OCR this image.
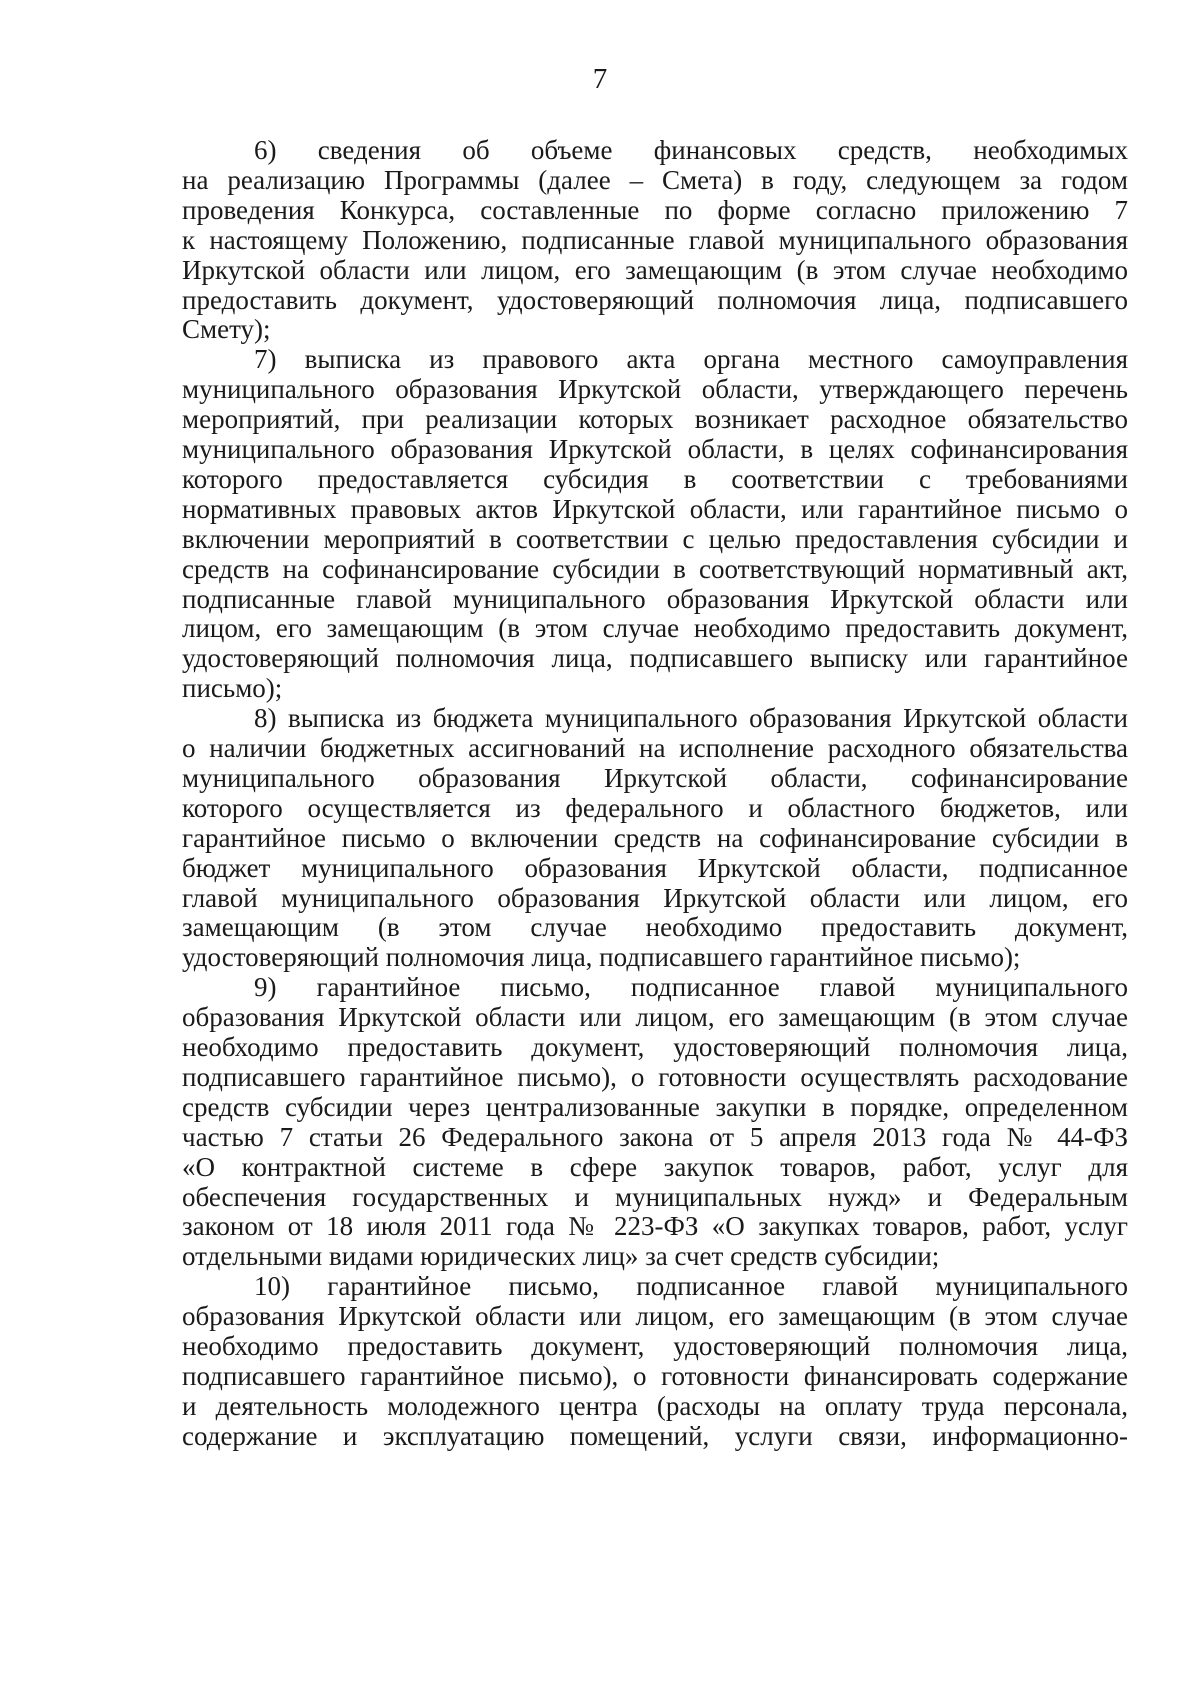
7
6) сведения об объеме финансовых средств, необходимых
на реализацию Программы (далее – Смета) в году, следующем за годом
проведения Конкурса, составленные по форме согласно приложению 7
к настоящему Положению, подписанные главой муниципального образования
Иркутской области или лицом, его замещающим (в этом случае необходимо
предоставить документ, удостоверяющий полномочия лица, подписавшего
Смету);
7) выписка из правового акта органа местного самоуправления
муниципального образования Иркутской области, утверждающего перечень
мероприятий, при реализации которых возникает расходное обязательство
муниципального образования Иркутской области, в целях софинансирования
которого предоставляется субсидия в соответствии с требованиями
нормативных правовых актов Иркутской области, или гарантийное письмо о
включении мероприятий в соответствии с целью предоставления субсидии и
средств на софинансирование субсидии в соответствующий нормативный акт,
подписанные главой муниципального образования Иркутской области или
лицом, его замещающим (в этом случае необходимо предоставить документ,
удостоверяющий полномочия лица, подписавшего выписку или гарантийное
письмо);
8) выписка из бюджета муниципального образования Иркутской области
о наличии бюджетных ассигнований на исполнение расходного обязательства
муниципального образования Иркутской области, софинансирование
которого осуществляется из федерального и областного бюджетов, или
гарантийное письмо о включении средств на софинансирование субсидии в
бюджет муниципального образования Иркутской области, подписанное
главой муниципального образования Иркутской области или лицом, его
замещающим (в этом случае необходимо предоставить документ,
удостоверяющий полномочия лица, подписавшего гарантийное письмо);
9) гарантийное письмо, подписанное главой муниципального
образования Иркутской области или лицом, его замещающим (в этом случае
необходимо предоставить документ, удостоверяющий полномочия лица,
подписавшего гарантийное письмо), о готовности осуществлять расходование
средств субсидии через централизованные закупки в порядке, определенном
частью 7 статьи 26 Федерального закона от 5 апреля 2013 года № 44-ФЗ
«О контрактной системе в сфере закупок товаров, работ, услуг для
обеспечения государственных и муниципальных нужд» и Федеральным
законом от 18 июля 2011 года № 223-ФЗ «О закупках товаров, работ, услуг
отдельными видами юридических лиц» за счет средств субсидии;
10) гарантийное письмо, подписанное главой муниципального
образования Иркутской области или лицом, его замещающим (в этом случае
необходимо предоставить документ, удостоверяющий полномочия лица,
подписавшего гарантийное письмо), о готовности финансировать содержание
и деятельность молодежного центра (расходы на оплату труда персонала,
содержание и эксплуатацию помещений, услуги связи, информационно-
